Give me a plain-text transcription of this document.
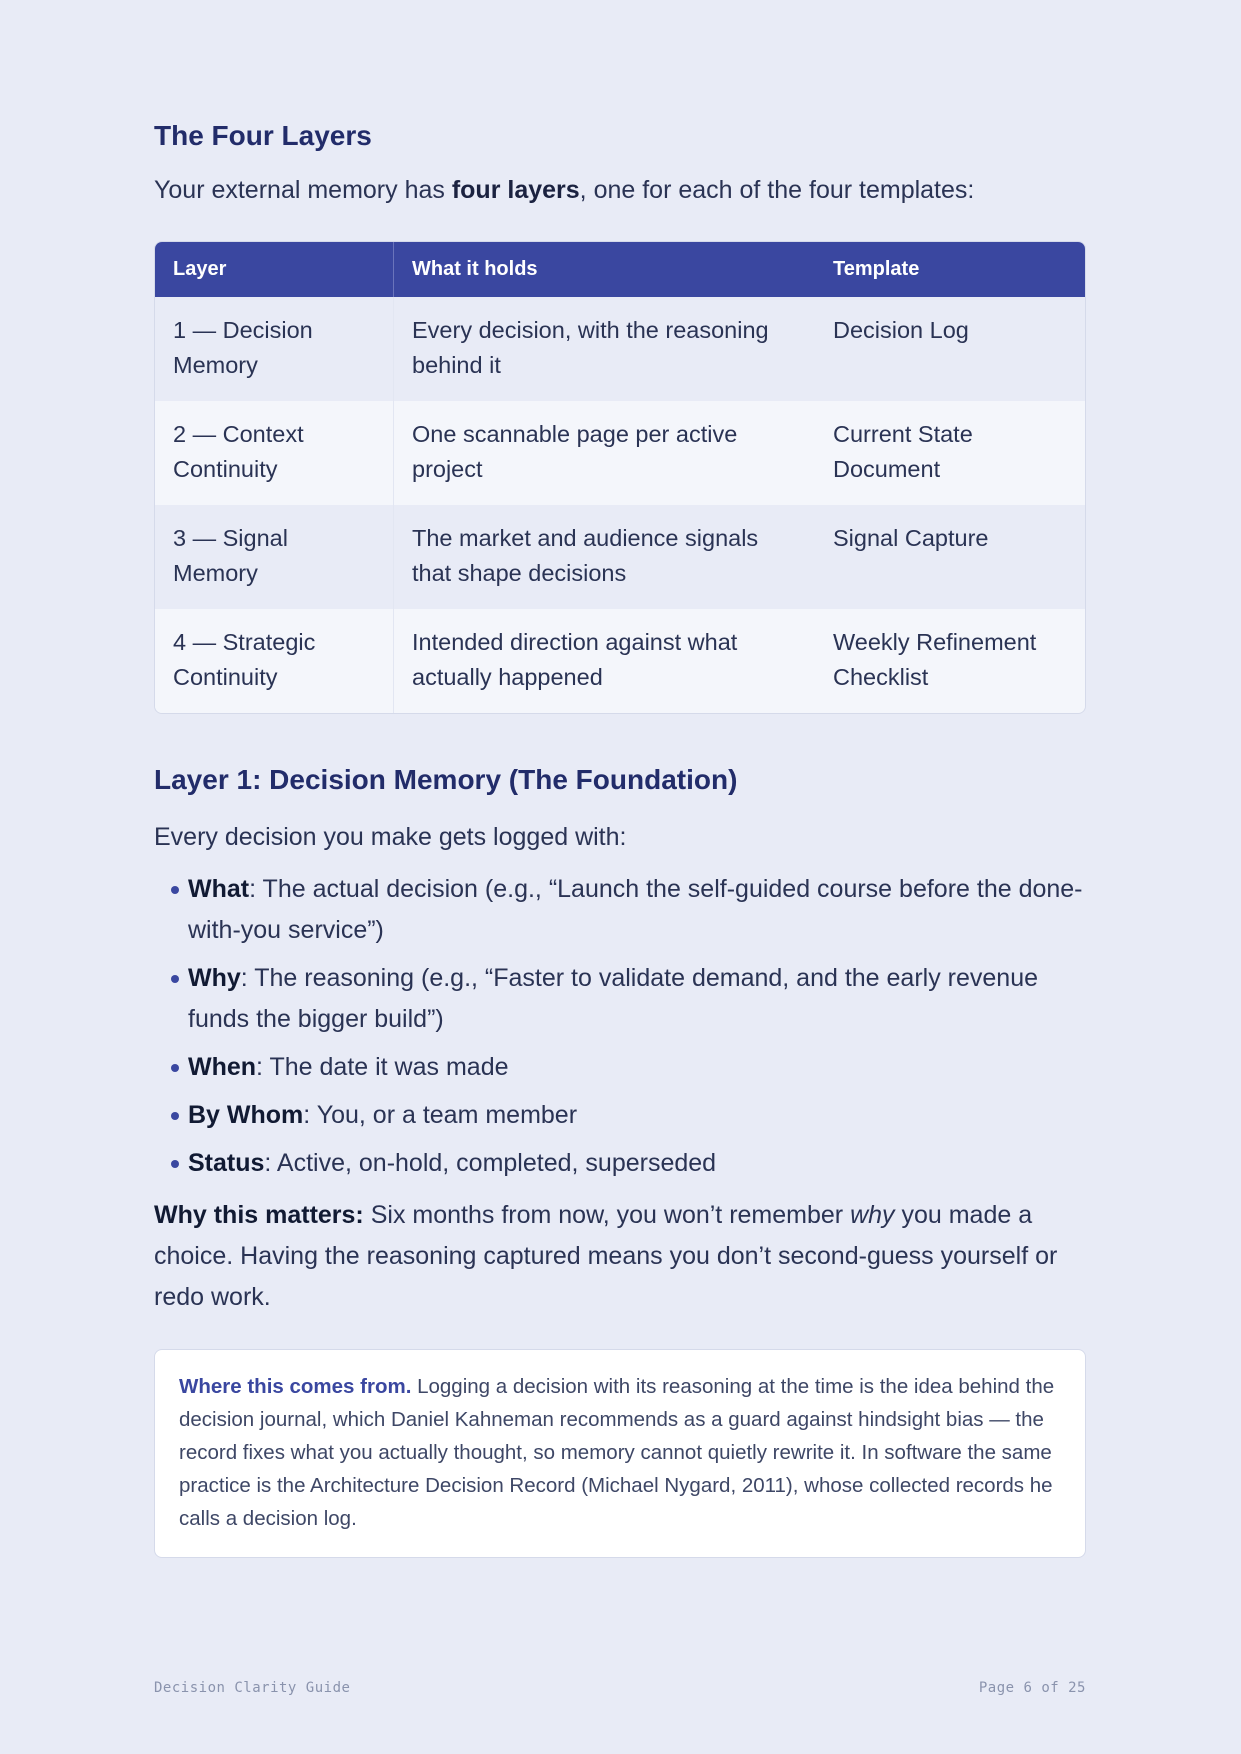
The Four Layers

Your external memory has four layers, one for each of the four templates:

Layer	What it holds	Template
1 — Decision Memory	Every decision, with the reasoning behind it	Decision Log
2 — Context Continuity	One scannable page per active project	Current State Document
3 — Signal Memory	The market and audience signals that shape decisions	Signal Capture
4 — Strategic Continuity	Intended direction against what actually happened	Weekly Refinement Checklist
Layer 1: Decision Memory (The Foundation)

Every decision you make gets logged with:

What: The actual decision (e.g., “Launch the self-guided course before the done-with-you service”)
Why: The reasoning (e.g., “Faster to validate demand, and the early revenue funds the bigger build”)
When: The date it was made
By Whom: You, or a team member
Status: Active, on-hold, completed, superseded

Why this matters: Six months from now, you won’t remember why you made a choice. Having the reasoning captured means you don’t second-guess yourself or redo work.

Where this comes from. Logging a decision with its reasoning at the time is the idea behind the decision journal, which Daniel Kahneman recommends as a guard against hindsight bias — the record fixes what you actually thought, so memory cannot quietly rewrite it. In software the same practice is the Architecture Decision Record (Michael Nygard, 2011), whose collected records he calls a decision log.
Decision Clarity Guide	Page 6 of 25
